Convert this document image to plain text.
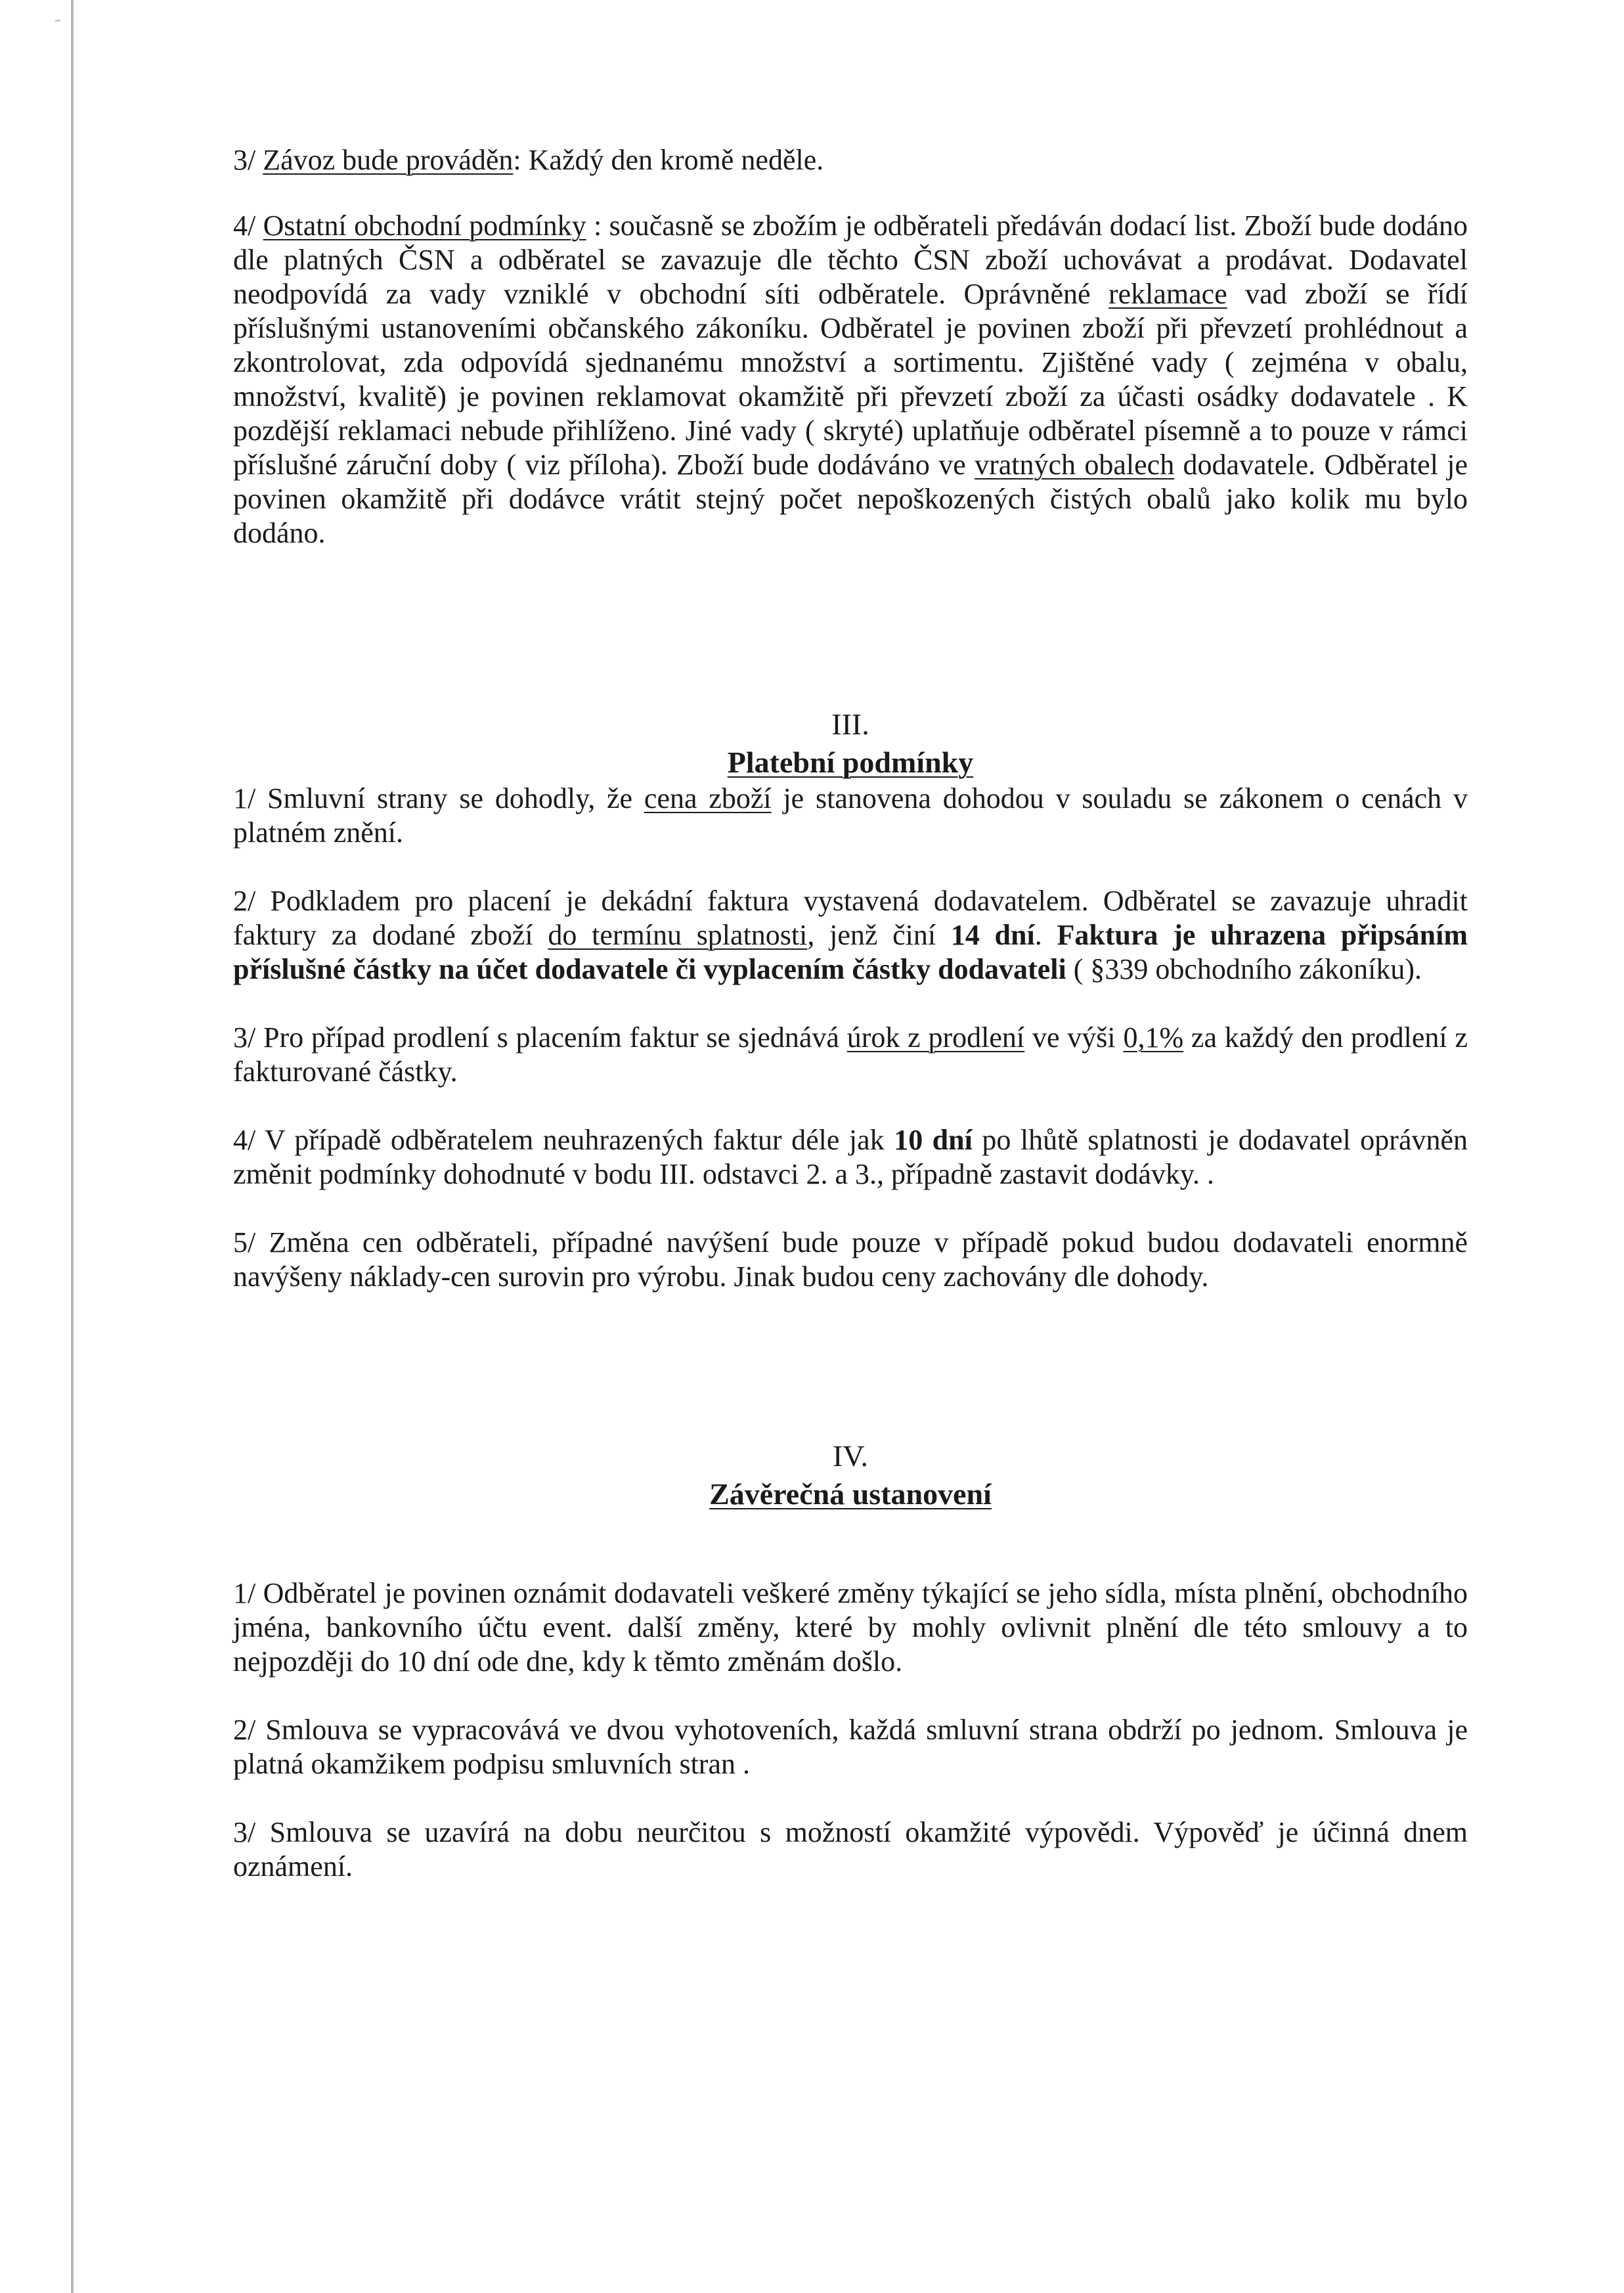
3/ Závoz bude prováděn: Každý den kromě neděle.

4/ Ostatní obchodní podmínky : současně se zbožím je odběrateli předáván dodací list. Zboží bude dodáno dle platných ČSN a odběratel se zavazuje dle těchto ČSN zboží uchovávat a prodávat. Dodavatel neodpovídá za vady vzniklé v obchodní síti odběratele. Oprávněné reklamace vad zboží se řídí příslušnými ustanoveními občanského zákoníku. Odběratel je povinen zboží při převzetí prohlédnout a zkontrolovat, zda odpovídá sjednanému množství a sortimentu. Zjištěné vady ( zejména v obalu, množství, kvalitě) je povinen reklamovat okamžitě při převzetí zboží za účasti osádky dodavatele . K pozdější reklamaci nebude přihlíženo. Jiné vady ( skryté) uplatňuje odběratel písemně a to pouze v rámci příslušné záruční doby ( viz příloha). Zboží bude dodáváno ve vratných obalech dodavatele. Odběratel je povinen okamžitě při dodávce vrátit stejný počet nepoškozených čistých obalů jako kolik mu bylo dodáno.

III.

Platební podmínky

1/ Smluvní strany se dohodly, že cena zboží je stanovena dohodou v souladu se zákonem o cenách v platném znění.

2/ Podkladem pro placení je dekádní faktura vystavená dodavatelem. Odběratel se zavazuje uhradit faktury za dodané zboží do termínu splatnosti, jenž činí 14 dní. Faktura je uhrazena připsáním příslušné částky na účet dodavatele či vyplacením částky dodavateli ( §339 obchodního zákoníku).

3/ Pro případ prodlení s placením faktur se sjednává úrok z prodlení ve výši 0,1% za každý den prodlení z fakturované částky.

4/ V případě odběratelem neuhrazených faktur déle jak 10 dní po lhůtě splatnosti je dodavatel oprávněn změnit podmínky dohodnuté v bodu III. odstavci 2. a 3., případně zastavit dodávky. .

5/ Změna cen odběrateli, případné navýšení bude pouze v případě pokud budou dodavateli enormně navýšeny náklady-cen surovin pro výrobu. Jinak budou ceny zachovány dle dohody.

IV.

Závěrečná ustanovení

1/ Odběratel je povinen oznámit dodavateli veškeré změny týkající se jeho sídla, místa plnění, obchodního jména, bankovního účtu event. další změny, které by mohly ovlivnit plnění dle této smlouvy a to nejpozději do 10 dní ode dne, kdy k těmto změnám došlo.

2/ Smlouva se vypracovává ve dvou vyhotoveních, každá smluvní strana obdrží po jednom. Smlouva je platná okamžikem podpisu smluvních stran .

3/ Smlouva se uzavírá na dobu neurčitou s možností okamžité výpovědi. Výpověď je účinná dnem oznámení.
